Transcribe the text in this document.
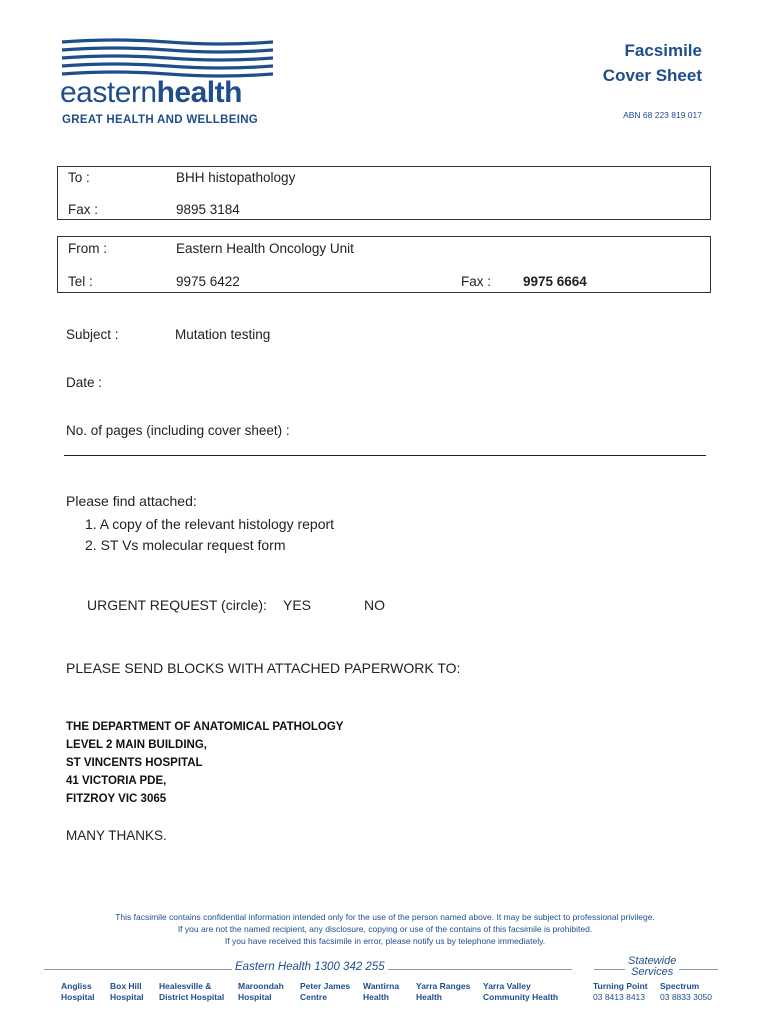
easternhealth
GREAT HEALTH AND WELLBEING
Facsimile
Cover Sheet
ABN 68 223 819 017
To :	BHH histopathology
Fax :	9895 3184
From :	Eastern Health Oncology Unit
Tel :	9975 6422	Fax : 9975 6664
Subject :	Mutation testing
Date :
No. of pages (including cover sheet) :
Please find attached:
1. A copy of the relevant histology report
2. ST Vs molecular request form
URGENT REQUEST (circle): YES	NO
PLEASE SEND BLOCKS WITH ATTACHED PAPERWORK TO:
THE DEPARTMENT OF ANATOMICAL PATHOLOGY
LEVEL 2 MAIN BUILDING,
ST VINCENTS HOSPITAL
41 VICTORIA PDE,
FITZROY VIC 3065
MANY THANKS.
This facsimile contains confidential information intended only for the use of the person named above. It may be subject to professional privilege.
If you are not the named recipient, any disclosure, copying or use of the contains of this facsimile is prohibited.
If you have received this facsimile in error, please notify us by telephone immediately.
Eastern Health 1300 342 255	Statewide
Services
Angliss
Hospital
Box Hill
Hospital
Healesville &
District Hospital
Maroondah
Hospital
Peter James
Centre
Wantirna
Health
Yarra Ranges
Health
Yarra Valley
Community Health
Turning Point
03 8413 8413
Spectrum
03 8833 3050
